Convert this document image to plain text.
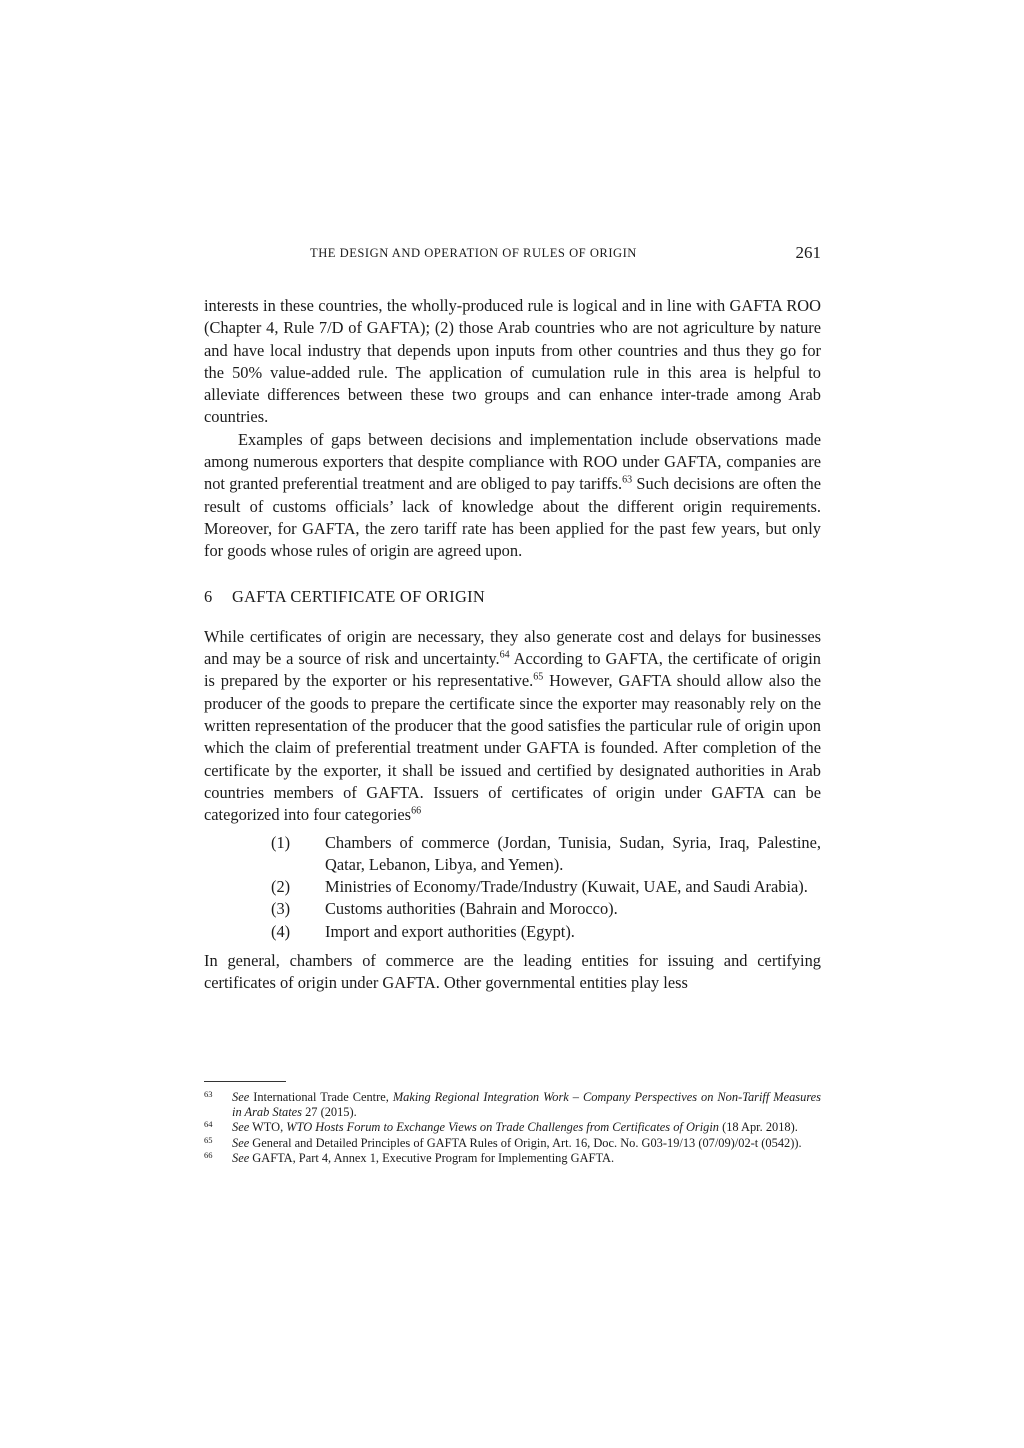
THE DESIGN AND OPERATION OF RULES OF ORIGIN	261

interests in these countries, the wholly-produced rule is logical and in line with GAFTA ROO (Chapter 4, Rule 7/D of GAFTA); (2) those Arab countries who are not agriculture by nature and have local industry that depends upon inputs from other countries and thus they go for the 50% value-added rule. The application of cumulation rule in this area is helpful to alleviate differences between these two groups and can enhance inter-trade among Arab countries.

Examples of gaps between decisions and implementation include observations made among numerous exporters that despite compliance with ROO under GAFTA, companies are not granted preferential treatment and are obliged to pay tariffs.$^{63}$ Such decisions are often the result of customs officials’ lack of knowledge about the different origin requirements. Moreover, for GAFTA, the zero tariff rate has been applied for the past few years, but only for goods whose rules of origin are agreed upon.

6 GAFTA CERTIFICATE OF ORIGIN

While certificates of origin are necessary, they also generate cost and delays for businesses and may be a source of risk and uncertainty.$^{64}$ According to GAFTA, the certificate of origin is prepared by the exporter or his representative.$^{65}$ However, GAFTA should allow also the producer of the goods to prepare the certificate since the exporter may reasonably rely on the written representation of the producer that the good satisfies the particular rule of origin upon which the claim of preferential treatment under GAFTA is founded. After completion of the certificate by the exporter, it shall be issued and certified by designated authorities in Arab countries members of GAFTA. Issuers of certificates of origin under GAFTA can be categorized into four categories$^{66}$

(1) Chambers of commerce (Jordan, Tunisia, Sudan, Syria, Iraq, Palestine, Qatar, Lebanon, Libya, and Yemen).
(2) Ministries of Economy/Trade/Industry (Kuwait, UAE, and Saudi Arabia).
(3) Customs authorities (Bahrain and Morocco).
(4) Import and export authorities (Egypt).

In general, chambers of commerce are the leading entities for issuing and certifying certificates of origin under GAFTA. Other governmental entities play less

63 See International Trade Centre, Making Regional Integration Work – Company Perspectives on Non-Tariff Measures in Arab States 27 (2015).
64 See WTO, WTO Hosts Forum to Exchange Views on Trade Challenges from Certificates of Origin (18 Apr. 2018).
65 See General and Detailed Principles of GAFTA Rules of Origin, Art. 16, Doc. No. G03-19/13 (07/09)/02-t (0542)).
66 See GAFTA, Part 4, Annex 1, Executive Program for Implementing GAFTA.
